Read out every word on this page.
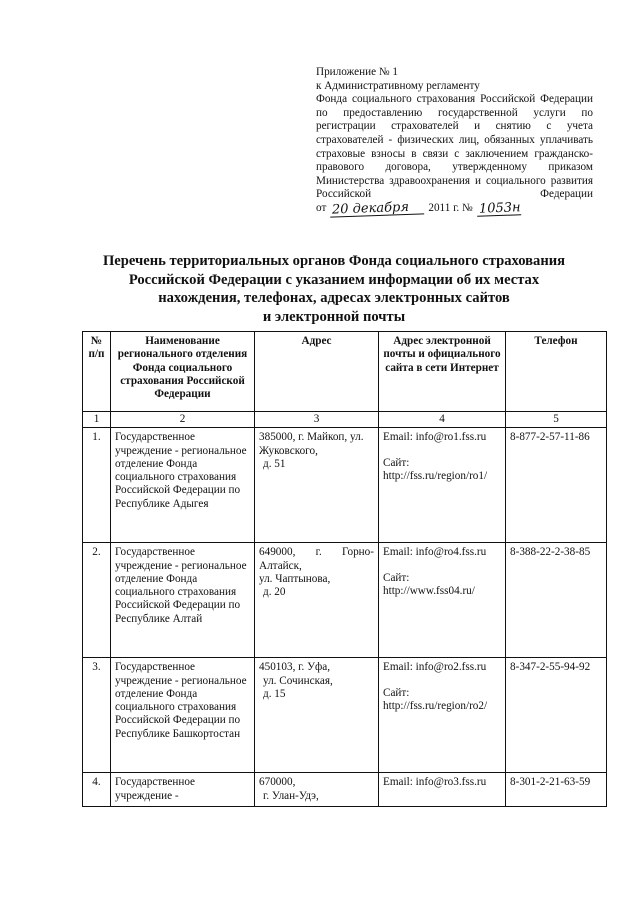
Приложение № 1
к Административному регламенту
Фонда социального страхования Российской Федерации по предоставлению государственной услуги по регистрации страхователей и снятию с учета страхователей - физических лиц, обязанных уплачивать страховые взносы в связи с заключением гражданско-правового договора, утвержденному приказом Министерства здравоохранения и социального развития Российской Федерации
от 20 декабря	2011 г. № 1053н
Перечень территориальных органов Фонда социального страхования
Российской Федерации с указанием информации об их местах
нахождения, телефонах, адресах электронных сайтов
и электронной почты
№ п/п	Наименование регионального отделения Фонда социального страхования Российской Федерации	Адрес	Адрес электронной почты и официального сайта в сети Интернет	Телефон
1	2	3	4	5
1.	Государственное учреждение - региональное отделение Фонда социального страхования Российской Федерации по Республике Адыгея	385000, г. Майкоп, ул. Жуковского,
д. 51	Email: info@ro1.fss.ru
Сайт:
http://fss.ru/region/ro1/	8-877-2-57-11-86
2.	Государственное учреждение - региональное отделение Фонда социального страхования Российской Федерации по Республике Алтай	649000, г. Горно-Алтайск,
ул. Чаптынова,
д. 20	Email: info@ro4.fss.ru
Сайт:
http://www.fss04.ru/	8-388-22-2-38-85
3.	Государственное учреждение - региональное отделение Фонда социального страхования Российской Федерации по Республике Башкортостан	450103, г. Уфа,
ул. Сочинская,
д. 15	Email: info@ro2.fss.ru
Сайт:
http://fss.ru/region/ro2/	8-347-2-55-94-92
4.	Государственное учреждение -	670000,
г. Улан-Удэ,	Email: info@ro3.fss.ru	8-301-2-21-63-59
